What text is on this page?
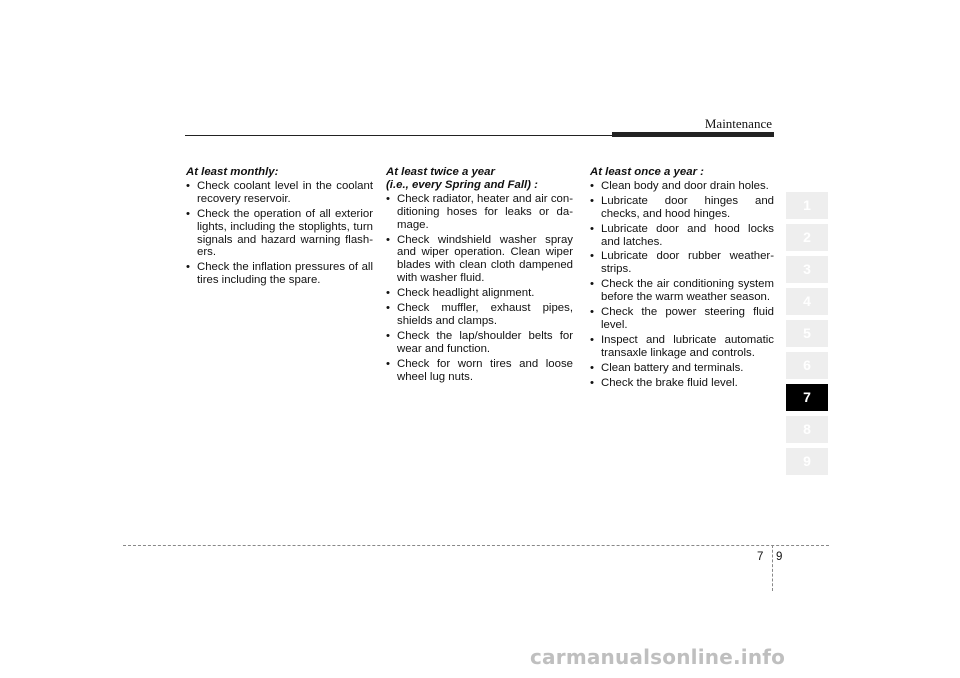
Maintenance
At least monthly:
• Check coolant level in the coolant recovery reservoir.
• Check the operation of all exterior lights, including the stoplights, turn signals and hazard warning flash-ers.
• Check the inflation pressures of all tires including the spare.
At least twice a year
(i.e., every Spring and Fall) :
• Check radiator, heater and air con-ditioning hoses for leaks or da-mage.
• Check windshield washer spray and wiper operation. Clean wiper blades with clean cloth dampened with washer fluid.
• Check headlight alignment.
• Check muffler, exhaust pipes, shields and clamps.
• Check the lap/shoulder belts for wear and function.
• Check for worn tires and loose wheel lug nuts.
At least once a year :
• Clean body and door drain holes.
• Lubricate door hinges and checks, and hood hinges.
• Lubricate door and hood locks and latches.
• Lubricate door rubber weather-strips.
• Check the air conditioning system before the warm weather season.
• Check the power steering fluid level.
• Inspect and lubricate automatic transaxle linkage and controls.
• Clean battery and terminals.
• Check the brake fluid level.
1
2
3
4
5
6
7
8
9
7 9
carmanualsonline.info
